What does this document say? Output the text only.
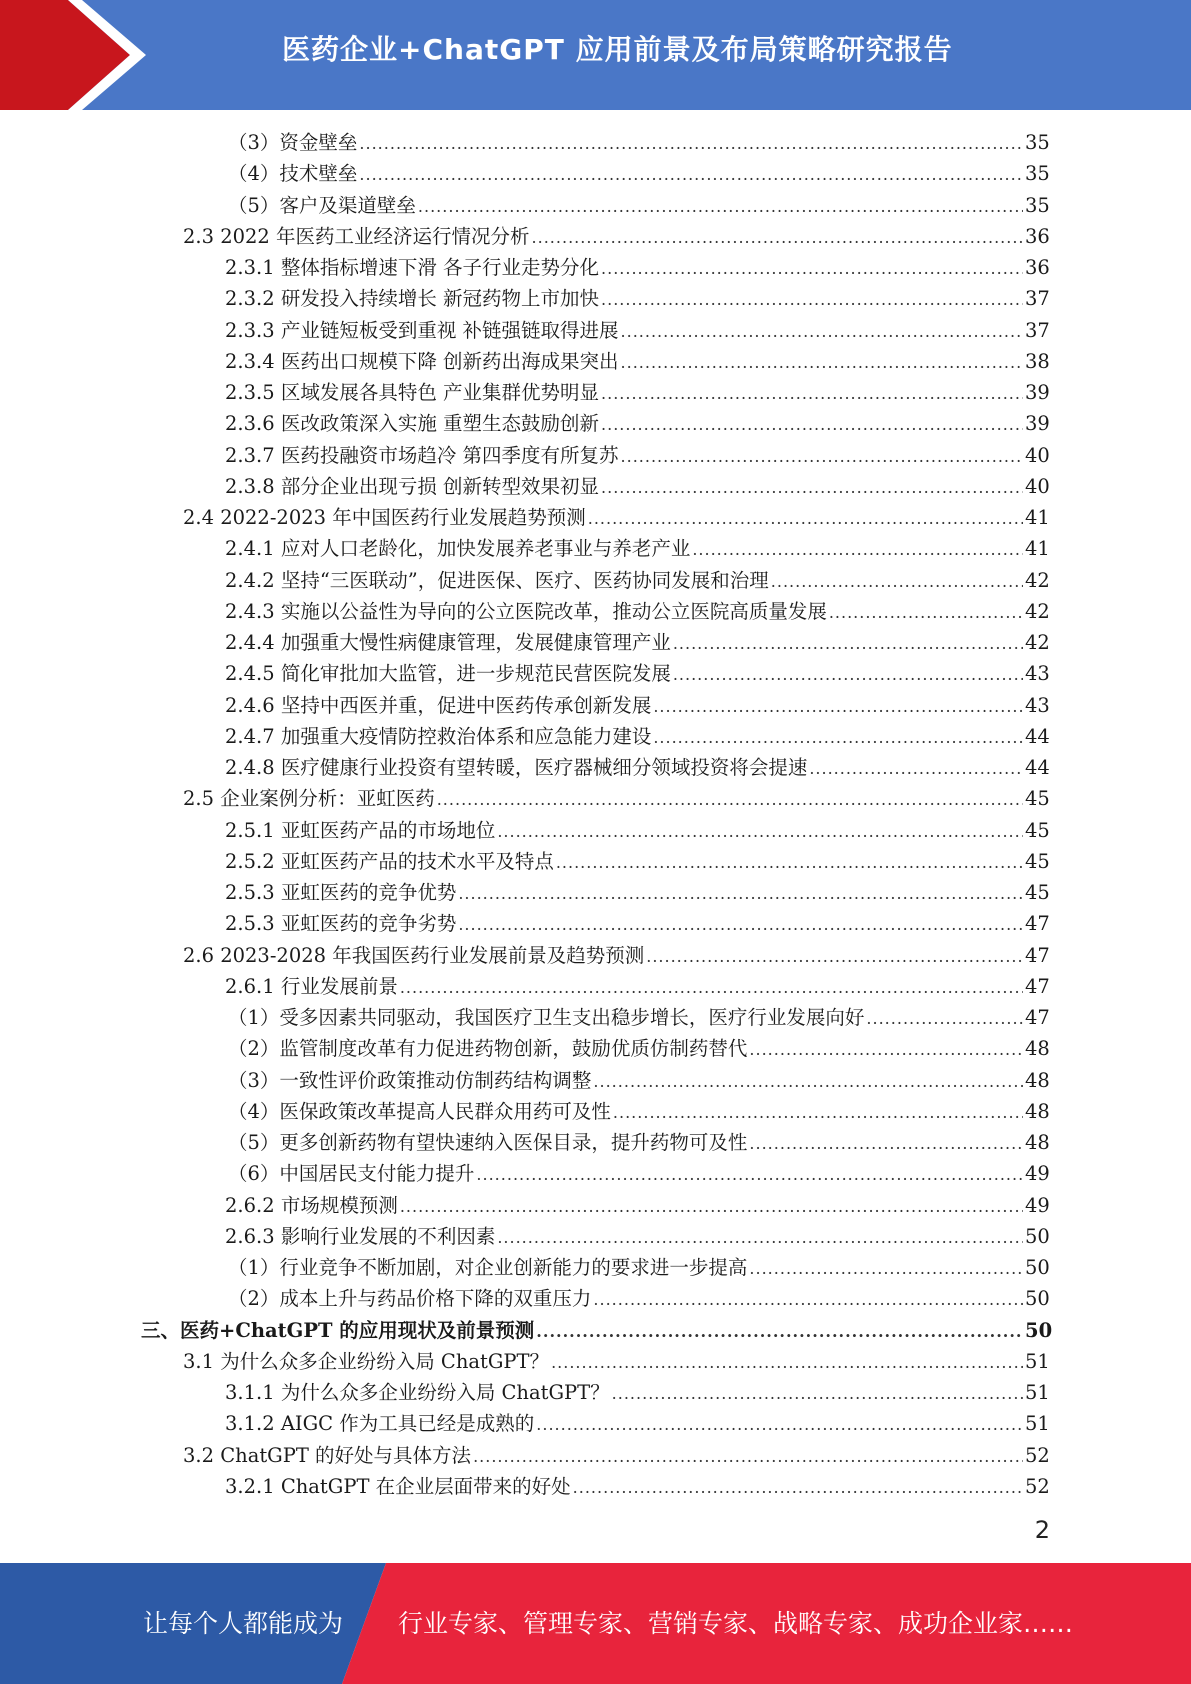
医药企业+ChatGPT 应用前景及布局策略研究报告
（3）资金壁垒 .....	35
（4）技术壁垒 .....	35
（5）客户及渠道壁垒 .....	35
2.3 2022 年医药工业经济运行情况分析 .....	36
2.3.1 整体指标增速下滑 各子行业走势分化 .....	36
2.3.2 研发投入持续增长 新冠药物上市加快 .....	37
2.3.3 产业链短板受到重视 补链强链取得进展 .....	37
2.3.4 医药出口规模下降 创新药出海成果突出 .....	38
2.3.5 区域发展各具特色 产业集群优势明显 .....	39
2.3.6 医改政策深入实施 重塑生态鼓励创新 .....	39
2.3.7 医药投融资市场趋冷 第四季度有所复苏 .....	40
2.3.8 部分企业出现亏损 创新转型效果初显 .....	40
2.4 2022-2023 年中国医药行业发展趋势预测 .....	41
2.4.1 应对人口老龄化，加快发展养老事业与养老产业 .....	41
2.4.2 坚持“三医联动”，促进医保、医疗、医药协同发展和治理 .....	42
2.4.3 实施以公益性为导向的公立医院改革，推动公立医院高质量发展 .....	42
2.4.4 加强重大慢性病健康管理，发展健康管理产业 .....	42
2.4.5 简化审批加大监管，进一步规范民营医院发展 .....	43
2.4.6 坚持中西医并重，促进中医药传承创新发展 .....	43
2.4.7 加强重大疫情防控救治体系和应急能力建设 .....	44
2.4.8 医疗健康行业投资有望转暖，医疗器械细分领域投资将会提速 .....	44
2.5 企业案例分析：亚虹医药 .....	45
2.5.1 亚虹医药产品的市场地位 .....	45
2.5.2 亚虹医药产品的技术水平及特点 .....	45
2.5.3 亚虹医药的竞争优势 .....	45
2.5.3 亚虹医药的竞争劣势 .....	47
2.6 2023-2028 年我国医药行业发展前景及趋势预测 .....	47
2.6.1 行业发展前景 .....	47
（1）受多因素共同驱动，我国医疗卫生支出稳步增长，医疗行业发展向好 .....	47
（2）监管制度改革有力促进药物创新，鼓励优质仿制药替代 .....	48
（3）一致性评价政策推动仿制药结构调整 .....	48
（4）医保政策改革提高人民群众用药可及性 .....	48
（5）更多创新药物有望快速纳入医保目录，提升药物可及性 .....	48
（6）中国居民支付能力提升 .....	49
2.6.2 市场规模预测 .....	49
2.6.3 影响行业发展的不利因素 .....	50
（1）行业竞争不断加剧，对企业创新能力的要求进一步提高 .....	50
（2）成本上升与药品价格下降的双重压力 .....	50
三、医药+ChatGPT 的应用现状及前景预测 .....	50
3.1 为什么众多企业纷纷入局 ChatGPT？ .....	51
3.1.1 为什么众多企业纷纷入局 ChatGPT？ .....	51
3.1.2 AIGC 作为工具已经是成熟的 .....	51
3.2 ChatGPT 的好处与具体方法 .....	52
3.2.1 ChatGPT 在企业层面带来的好处 .....	52
2
让每个人都能成为 行业专家、管理专家、营销专家、战略专家、成功企业家……
